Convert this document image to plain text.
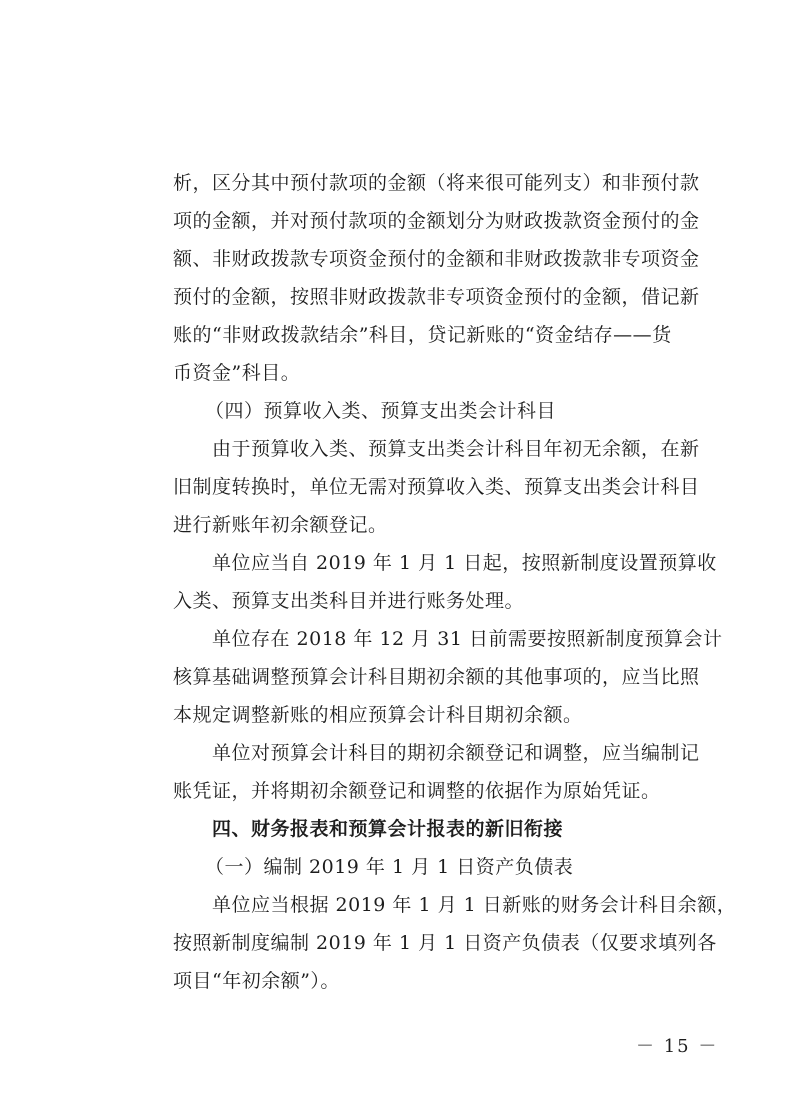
析，区分其中预付款项的金额（将来很可能列支）和非预付款
项的金额，并对预付款项的金额划分为财政拨款资金预付的金
额、非财政拨款专项资金预付的金额和非财政拨款非专项资金
预付的金额，按照非财政拨款非专项资金预付的金额，借记新
账的“非财政拨款结余”科目，贷记新账的“资金结存——货
币资金”科目。
（四）预算收入类、预算支出类会计科目
由于预算收入类、预算支出类会计科目年初无余额，在新
旧制度转换时，单位无需对预算收入类、预算支出类会计科目
进行新账年初余额登记。
单位应当自 2019 年 1 月 1 日起，按照新制度设置预算收
入类、预算支出类科目并进行账务处理。
单位存在 2018 年 12 月 31 日前需要按照新制度预算会计
核算基础调整预算会计科目期初余额的其他事项的，应当比照
本规定调整新账的相应预算会计科目期初余额。
单位对预算会计科目的期初余额登记和调整，应当编制记
账凭证，并将期初余额登记和调整的依据作为原始凭证。
四、财务报表和预算会计报表的新旧衔接
（一）编制 2019 年 1 月 1 日资产负债表
单位应当根据 2019 年 1 月 1 日新账的财务会计科目余额，
按照新制度编制 2019 年 1 月 1 日资产负债表（仅要求填列各
项目“年初余额”）。
－ 15 －
